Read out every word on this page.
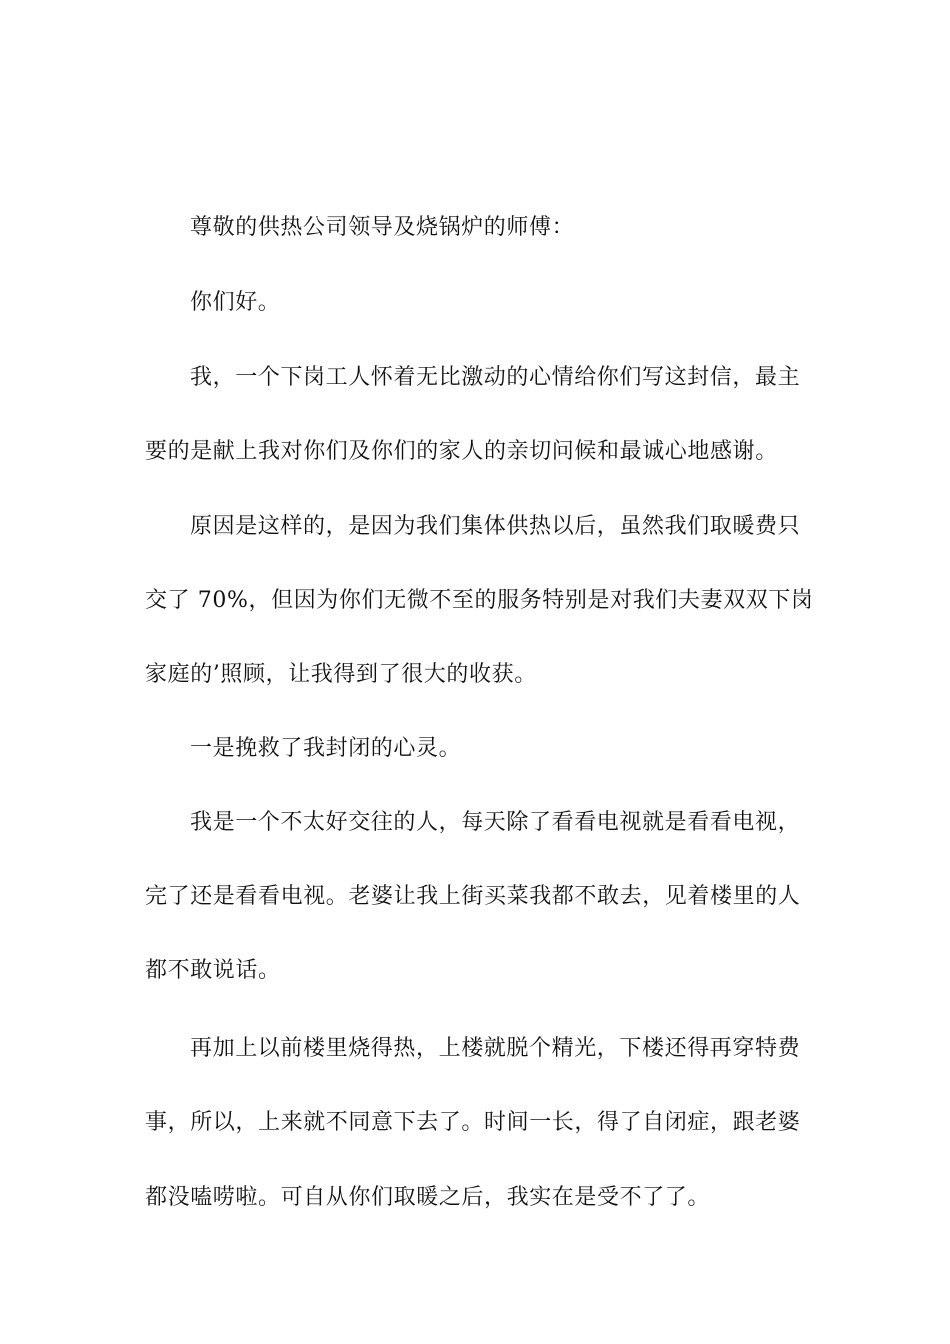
尊敬的供热公司领导及烧锅炉的师傅：

你们好。

我，一个下岗工人怀着无比激动的心情给你们写这封信，最主

要的是献上我对你们及你们的家人的亲切问候和最诚心地感谢。

原因是这样的，是因为我们集体供热以后，虽然我们取暖费只

交了 70%，但因为你们无微不至的服务特别是对我们夫妻双双下岗

家庭的’照顾，让我得到了很大的收获。

一是挽救了我封闭的心灵。

我是一个不太好交往的人，每天除了看看电视就是看看电视，

完了还是看看电视。老婆让我上街买菜我都不敢去，见着楼里的人

都不敢说话。

再加上以前楼里烧得热，上楼就脱个精光，下楼还得再穿特费

事，所以，上来就不同意下去了。时间一长，得了自闭症，跟老婆

都没嗑唠啦。可自从你们取暖之后，我实在是受不了了。
